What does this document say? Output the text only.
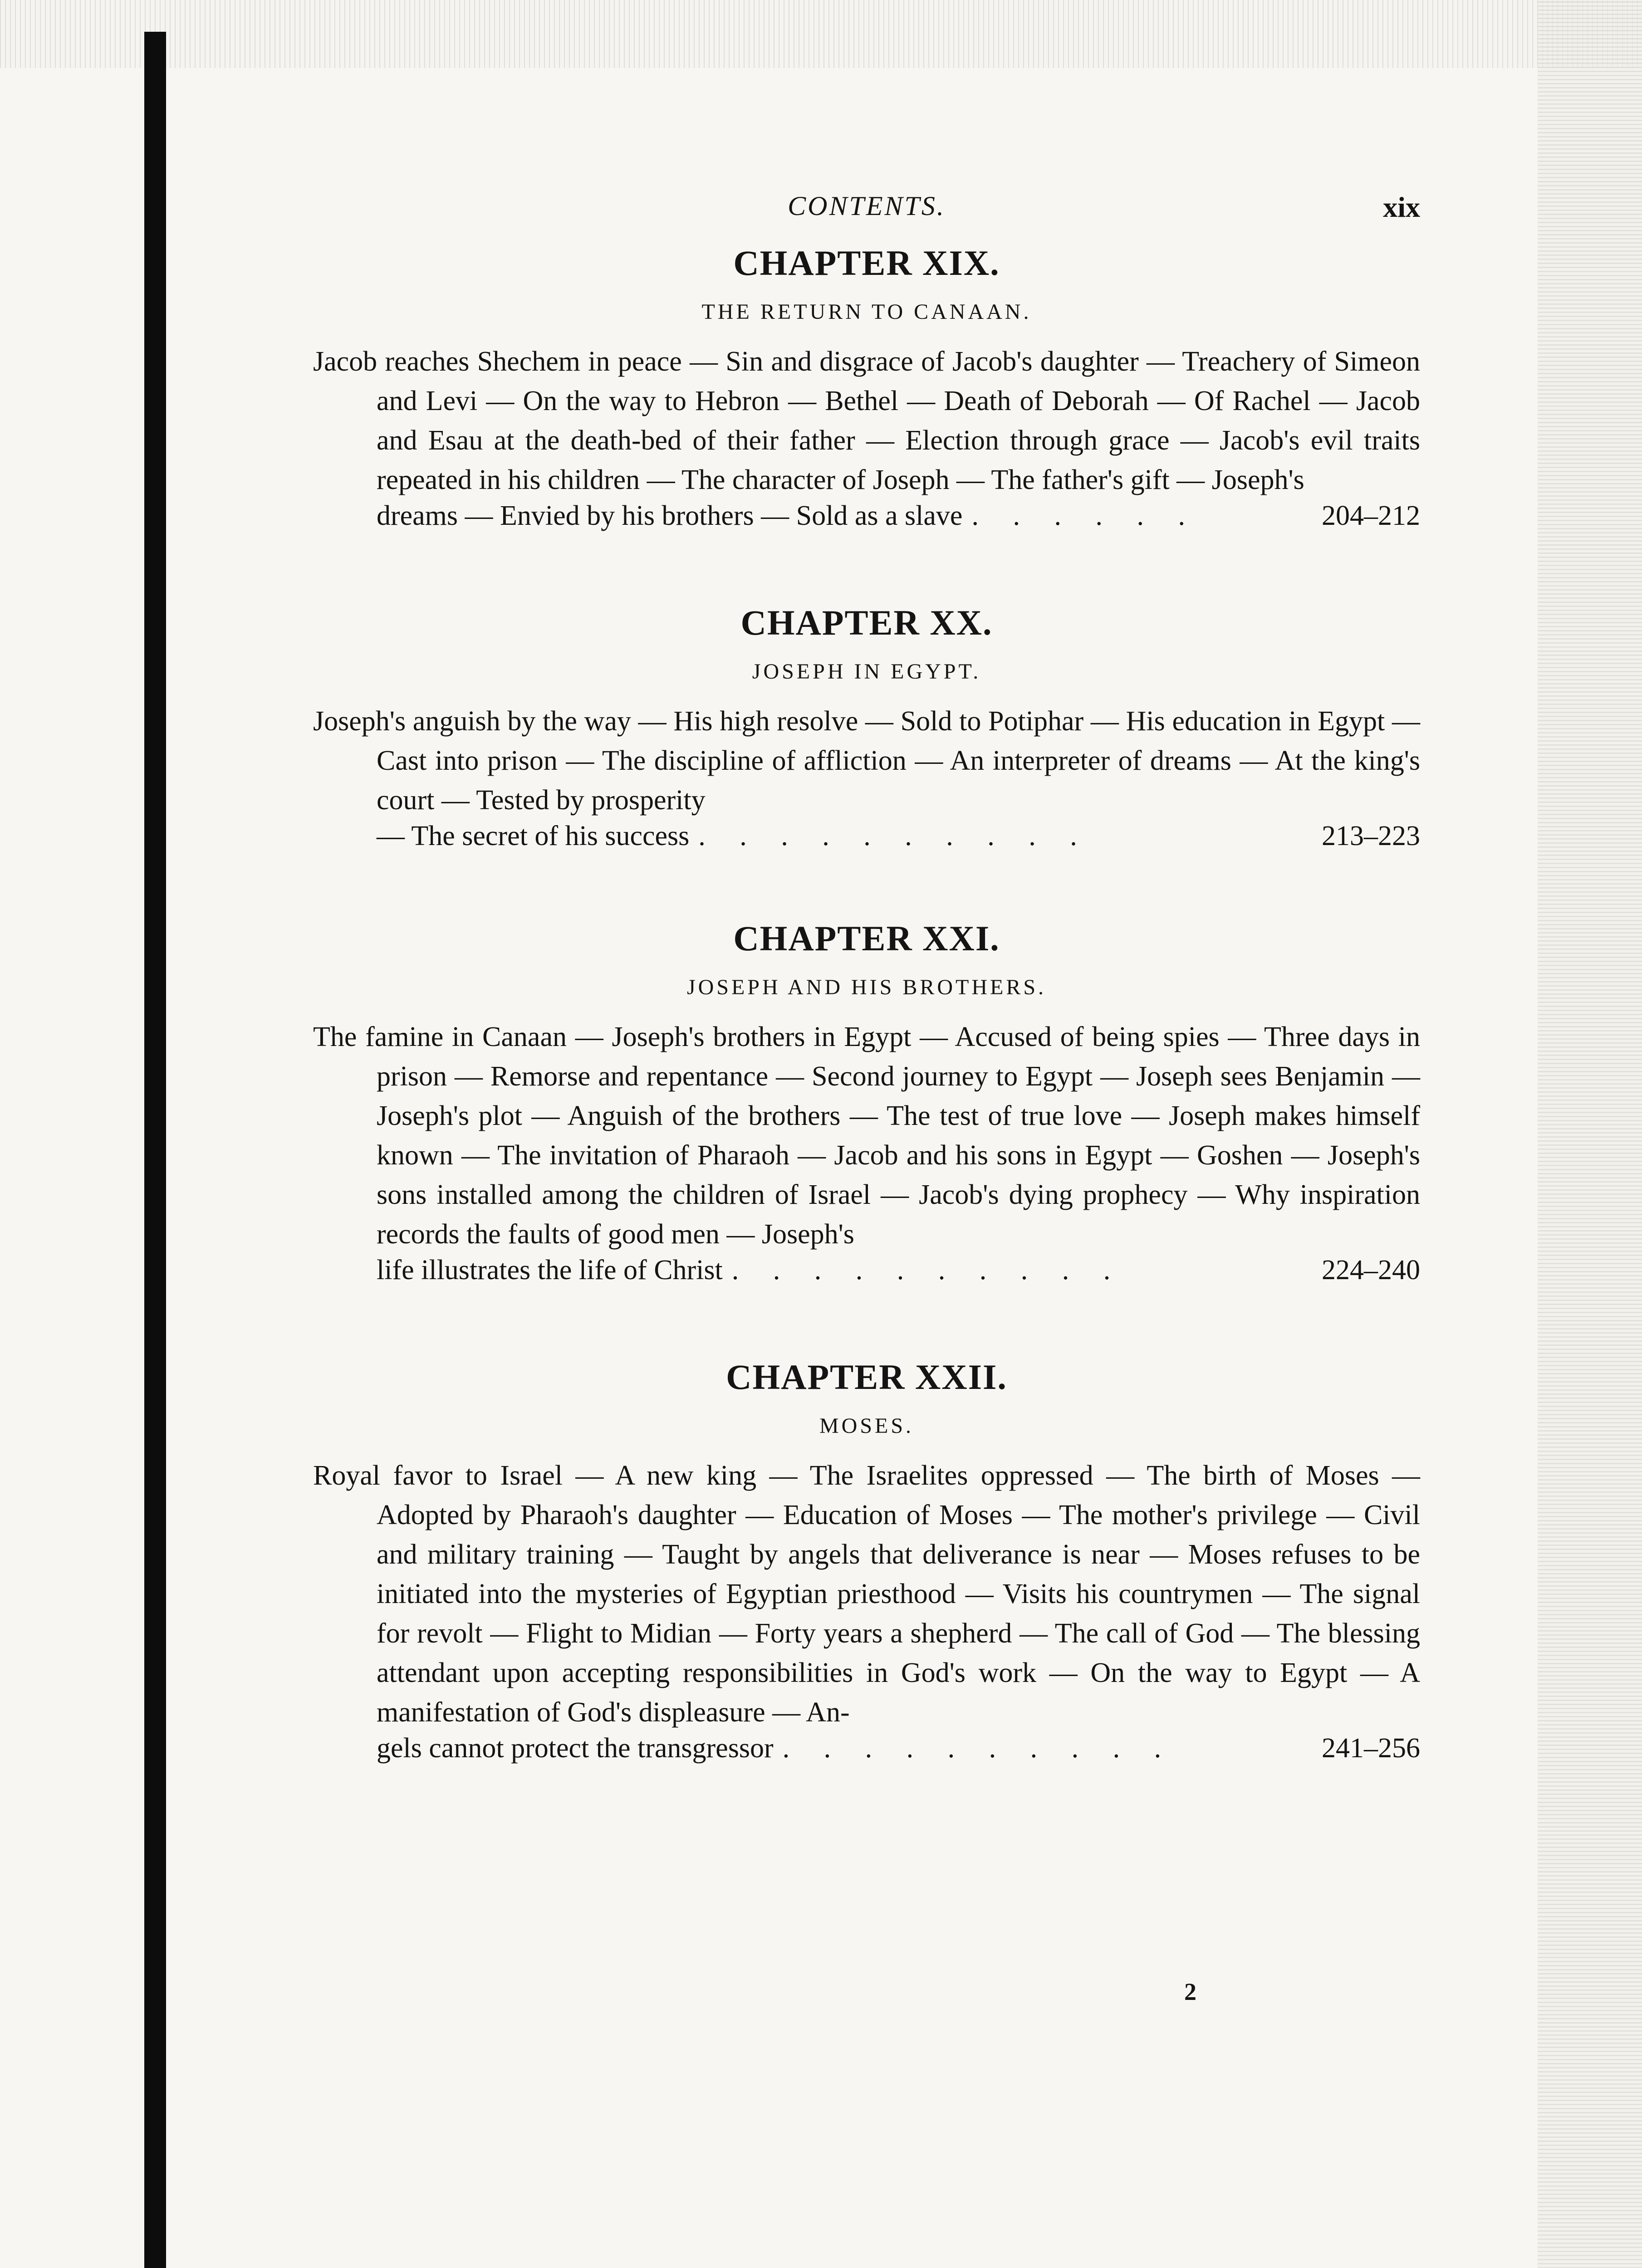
CONTENTS.	xix
CHAPTER XIX.
THE RETURN TO CANAAN.

Jacob reaches Shechem in peace — Sin and disgrace of Jacob's daughter — Treachery of Simeon and Levi — On the way to Hebron — Bethel — Death of Deborah — Of Rachel — Jacob and Esau at the death-bed of their father — Election through grace — Jacob's evil traits repeated in his children — The character of Joseph — The father's gift — Joseph's

dreams — Envied by his brothers — Sold as a slave . . . . . .	204–212
CHAPTER XX.
JOSEPH IN EGYPT.

Joseph's anguish by the way — His high resolve — Sold to Potiphar — His education in Egypt — Cast into prison — The discipline of affliction — An interpreter of dreams — At the king's court — Tested by prosperity

— The secret of his success . . . . . . . . . .	213–223
CHAPTER XXI.
JOSEPH AND HIS BROTHERS.

The famine in Canaan — Joseph's brothers in Egypt — Accused of being spies — Three days in prison — Remorse and repentance — Second journey to Egypt — Joseph sees Benjamin — Joseph's plot — Anguish of the brothers — The test of true love — Joseph makes himself known — The invitation of Pharaoh — Jacob and his sons in Egypt — Goshen — Joseph's sons installed among the children of Israel — Jacob's dying prophecy — Why inspiration records the faults of good men — Joseph's

life illustrates the life of Christ . . . . . . . . . .	224–240
CHAPTER XXII.
MOSES.

Royal favor to Israel — A new king — The Israelites oppressed — The birth of Moses — Adopted by Pharaoh's daughter — Education of Moses — The mother's privilege — Civil and military training — Taught by angels that deliverance is near — Moses refuses to be initiated into the mysteries of Egyptian priesthood — Visits his countrymen — The signal for revolt — Flight to Midian — Forty years a shepherd — The call of God — The blessing attendant upon accepting responsibilities in God's work — On the way to Egypt — A manifestation of God's displeasure — An-

gels cannot protect the transgressor . . . . . . . . . .	241–256
2
